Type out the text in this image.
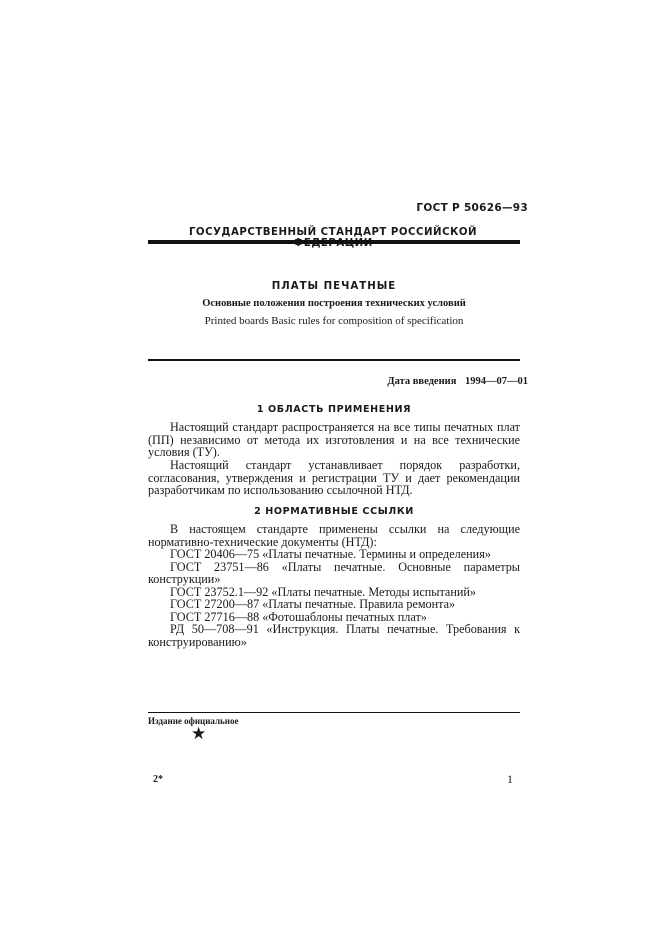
ГОСТ Р 50626—93
ГОСУДАРСТВЕННЫЙ СТАНДАРТ РОССИЙСКОЙ
ПЛАТЫ ПЕЧАТНЫЕ
Основные положения построения технических условий
Printed boards Basic rules for composition of specification
Дата введения 1994—07—01
1 ОБЛАСТЬ ПРИМЕНЕНИЯ

Настоящий стандарт распространяется на все типы печатных плат (ПП) независимо от метода их изготовления и на все технические условия (ТУ).

Настоящий стандарт устанавливает порядок разработки, согласования, утверждения и регистрации ТУ и дает рекомендации разработчикам по использованию ссылочной НТД.

2 НОРМАТИВНЫЕ ССЫЛКИ

В настоящем стандарте применены ссылки на следующие нормативно-технические документы (НТД):

ГОСТ 20406—75 «Платы печатные. Термины и определения»

ГОСТ 23751—86 «Платы печатные. Основные параметры конструкции»

ГОСТ 23752.1—92 «Платы печатные. Методы испытаний»

ГОСТ 27200—87 «Платы печатные. Правила ремонта»

ГОСТ 27716—88 «Фотошаблоны печатных плат»

РД 50—708—91 «Инструкция. Платы печатные. Требования к конструированию»

Издание официальное
★
2*	1
